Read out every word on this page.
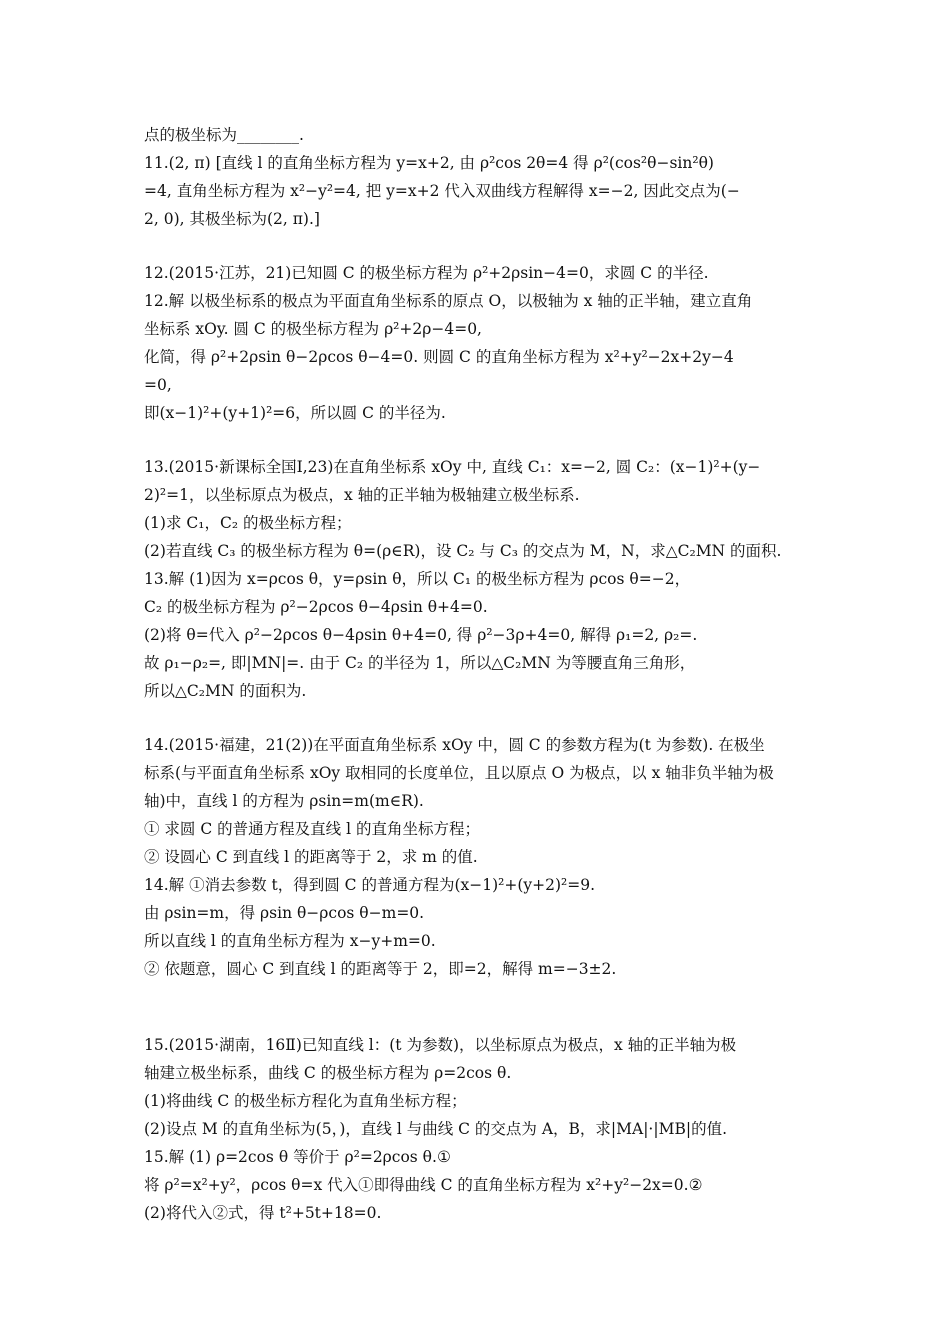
点的极坐标为________.
11.(2, π) [直线 l 的直角坐标方程为 y=x+2, 由 ρ²cos 2θ=4 得 ρ²(cos²θ−sin²θ)
=4, 直角坐标方程为 x²−y²=4, 把 y=x+2 代入双曲线方程解得 x=−2, 因此交点为(−
2, 0), 其极坐标为(2, π).]
12.(2015·江苏，21)已知圆 C 的极坐标方程为 ρ²+2ρsin−4=0，求圆 C 的半径.
12.解 以极坐标系的极点为平面直角坐标系的原点 O，以极轴为 x 轴的正半轴，建立直角
坐标系 xOy. 圆 C 的极坐标方程为 ρ²+2ρ−4=0,
化简，得 ρ²+2ρsin θ−2ρcos θ−4=0. 则圆 C 的直角坐标方程为 x²+y²−2x+2y−4
=0,
即(x−1)²+(y+1)²=6，所以圆 C 的半径为.
13.(2015·新课标全国Ⅰ,23)在直角坐标系 xOy 中, 直线 C₁：x=−2, 圆 C₂：(x−1)²+(y−
2)²=1，以坐标原点为极点，x 轴的正半轴为极轴建立极坐标系.
(1)求 C₁，C₂ 的极坐标方程；
(2)若直线 C₃ 的极坐标方程为 θ=(ρ∈R)，设 C₂ 与 C₃ 的交点为 M，N，求△C₂MN 的面积.
13.解 (1)因为 x=ρcos θ，y=ρsin θ，所以 C₁ 的极坐标方程为 ρcos θ=−2，
C₂ 的极坐标方程为 ρ²−2ρcos θ−4ρsin θ+4=0.
(2)将 θ=代入 ρ²−2ρcos θ−4ρsin θ+4=0, 得 ρ²−3ρ+4=0, 解得 ρ₁=2, ρ₂=.
故 ρ₁−ρ₂=, 即|MN|=. 由于 C₂ 的半径为 1，所以△C₂MN 为等腰直角三角形，
所以△C₂MN 的面积为.
14.(2015·福建，21(2))在平面直角坐标系 xOy 中，圆 C 的参数方程为(t 为参数). 在极坐
标系(与平面直角坐标系 xOy 取相同的长度单位，且以原点 O 为极点，以 x 轴非负半轴为极
轴)中，直线 l 的方程为 ρsin=m(m∈R).
① 求圆 C 的普通方程及直线 l 的直角坐标方程；
② 设圆心 C 到直线 l 的距离等于 2，求 m 的值.
14.解 ①消去参数 t，得到圆 C 的普通方程为(x−1)²+(y+2)²=9.
由 ρsin=m，得 ρsin θ−ρcos θ−m=0.
所以直线 l 的直角坐标方程为 x−y+m=0.
② 依题意，圆心 C 到直线 l 的距离等于 2，即=2，解得 m=−3±2.
15.(2015·湖南，16Ⅱ)已知直线 l：(t 为参数)，以坐标原点为极点，x 轴的正半轴为极
轴建立极坐标系，曲线 C 的极坐标方程为 ρ=2cos θ.
(1)将曲线 C 的极坐标方程化为直角坐标方程；
(2)设点 M 的直角坐标为(5，)，直线 l 与曲线 C 的交点为 A，B，求|MA|·|MB|的值.
15.解 (1) ρ=2cos θ 等价于 ρ²=2ρcos θ.①
将 ρ²=x²+y²，ρcos θ=x 代入①即得曲线 C 的直角坐标方程为 x²+y²−2x=0.②
(2)将代入②式，得 t²+5t+18=0.
